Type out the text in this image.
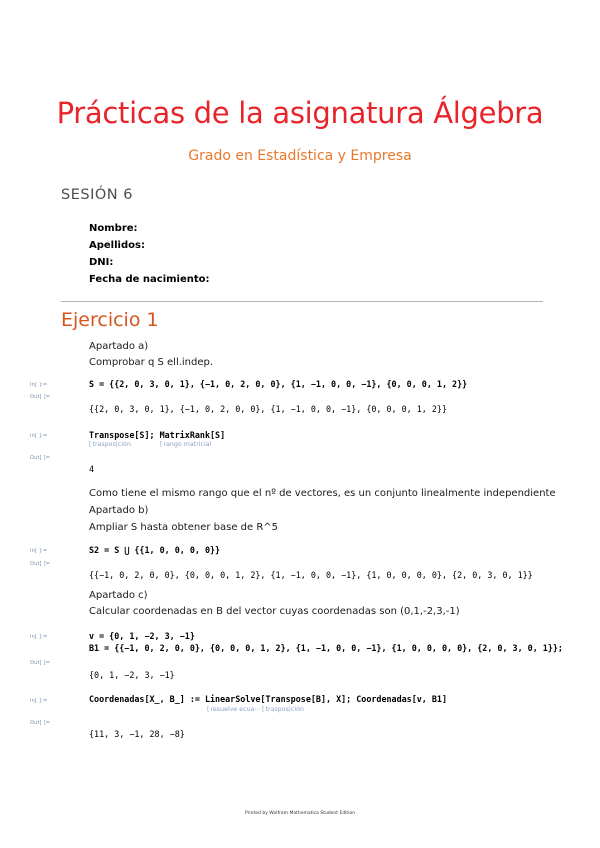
Prácticas de la asignatura Álgebra
Grado en Estadística y Empresa
SESIÓN 6
Nombre:
Apellidos:
DNI:
Fecha de nacimiento:
Ejercicio 1
Apartado a)
Comprobar q S ell.indep.
In[ ]:=	S = {{2, 0, 3, 0, 1}, {−1, 0, 2, 0, 0}, {1, −1, 0, 0, −1}, {0, 0, 0, 1, 2}}
Out[ ]=
{{2, 0, 3, 0, 1}, {−1, 0, 2, 0, 0}, {1, −1, 0, 0, −1}, {0, 0, 0, 1, 2}}
In[ ]:=	Transpose[S]; MatrixRank[S]
[ traspos|ción	[ rango matricial
Out[ ]=
4
Como tiene el mismo rango que el nº de vectores, es un conjunto linealmente independiente
Apartado b)
Ampliar S hasta obtener base de R^5
In[ ]:=	S2 = S ⋃ {{1, 0, 0, 0, 0}}
Out[ ]=
{{−1, 0, 2, 0, 0}, {0, 0, 0, 1, 2}, {1, −1, 0, 0, −1}, {1, 0, 0, 0, 0}, {2, 0, 3, 0, 1}}
Apartado c)
Calcular coordenadas en B del vector cuyas coordenadas son (0,1,-2,3,-1)
In[ ]:=	v = {0, 1, −2, 3, −1}
B1 = {{−1, 0, 2, 0, 0}, {0, 0, 0, 1, 2}, {1, −1, 0, 0, −1}, {1, 0, 0, 0, 0}, {2, 0, 3, 0, 1}};
Out[ ]=
{0, 1, −2, 3, −1}
In[ ]:=	Coordenadas[X_, B_] := LinearSolve[Transpose[B], X]; Coordenadas[v, B1]
[ resuelve ecua⋯ [ traspos|ción
Out[ ]=
{11, 3, −1, 28, −8}
Printed by Wolfram Mathematica Student Edition
